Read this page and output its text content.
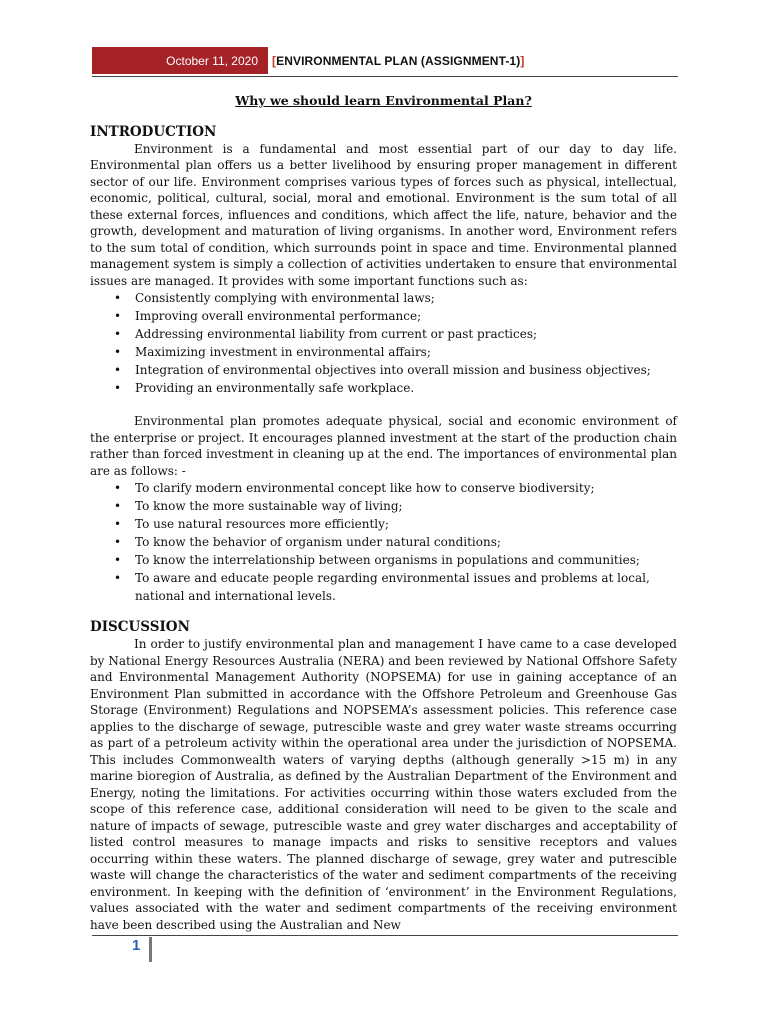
October 11, 2020	[ ENVIRONMENTAL PLAN (ASSIGNMENT-1) ]
Why we should learn Environmental Plan?
INTRODUCTION

Environment is a fundamental and most essential part of our day to day life. Environmental plan offers us a better livelihood by ensuring proper management in different sector of our life. Environment comprises various types of forces such as physical, intellectual, economic, political, cultural, social, moral and emotional. Environment is the sum total of all these external forces, influences and conditions, which affect the life, nature, behavior and the growth, development and maturation of living organisms. In another word, Environment refers to the sum total of condition, which surrounds point in space and time. Environmental planned management system is simply a collection of activities undertaken to ensure that environmental issues are managed. It provides with some important functions such as:

• Consistently complying with environmental laws;
• Improving overall environmental performance;
• Addressing environmental liability from current or past practices;
• Maximizing investment in environmental affairs;
• Integration of environmental objectives into overall mission and business objectives;
• Providing an environmentally safe workplace.

Environmental plan promotes adequate physical, social and economic environment of the enterprise or project. It encourages planned investment at the start of the production chain rather than forced investment in cleaning up at the end. The importances of environmental plan are as follows: -

• To clarify modern environmental concept like how to conserve biodiversity;
• To know the more sustainable way of living;
• To use natural resources more efficiently;
• To know the behavior of organism under natural conditions;
• To know the interrelationship between organisms in populations and communities;
• To aware and educate people regarding environmental issues and problems at local, national and international levels.
DISCUSSION

In order to justify environmental plan and management I have came to a case developed by National Energy Resources Australia (NERA) and been reviewed by National Offshore Safety and Environmental Management Authority (NOPSEMA) for use in gaining acceptance of an Environment Plan submitted in accordance with the Offshore Petroleum and Greenhouse Gas Storage (Environment) Regulations and NOPSEMA’s assessment policies. This reference case applies to the discharge of sewage, putrescible waste and grey water waste streams occurring as part of a petroleum activity within the operational area under the jurisdiction of NOPSEMA. This includes Commonwealth waters of varying depths (although generally >15 m) in any marine bioregion of Australia, as defined by the Australian Department of the Environment and Energy, noting the limitations. For activities occurring within those waters excluded from the scope of this reference case, additional consideration will need to be given to the scale and nature of impacts of sewage, putrescible waste and grey water discharges and acceptability of listed control measures to manage impacts and risks to sensitive receptors and values occurring within these waters. The planned discharge of sewage, grey water and putrescible waste will change the characteristics of the water and sediment compartments of the receiving environment. In keeping with the definition of ‘environment’ in the Environment Regulations, values associated with the water and sediment compartments of the receiving environment have been described using the Australian and New

1
